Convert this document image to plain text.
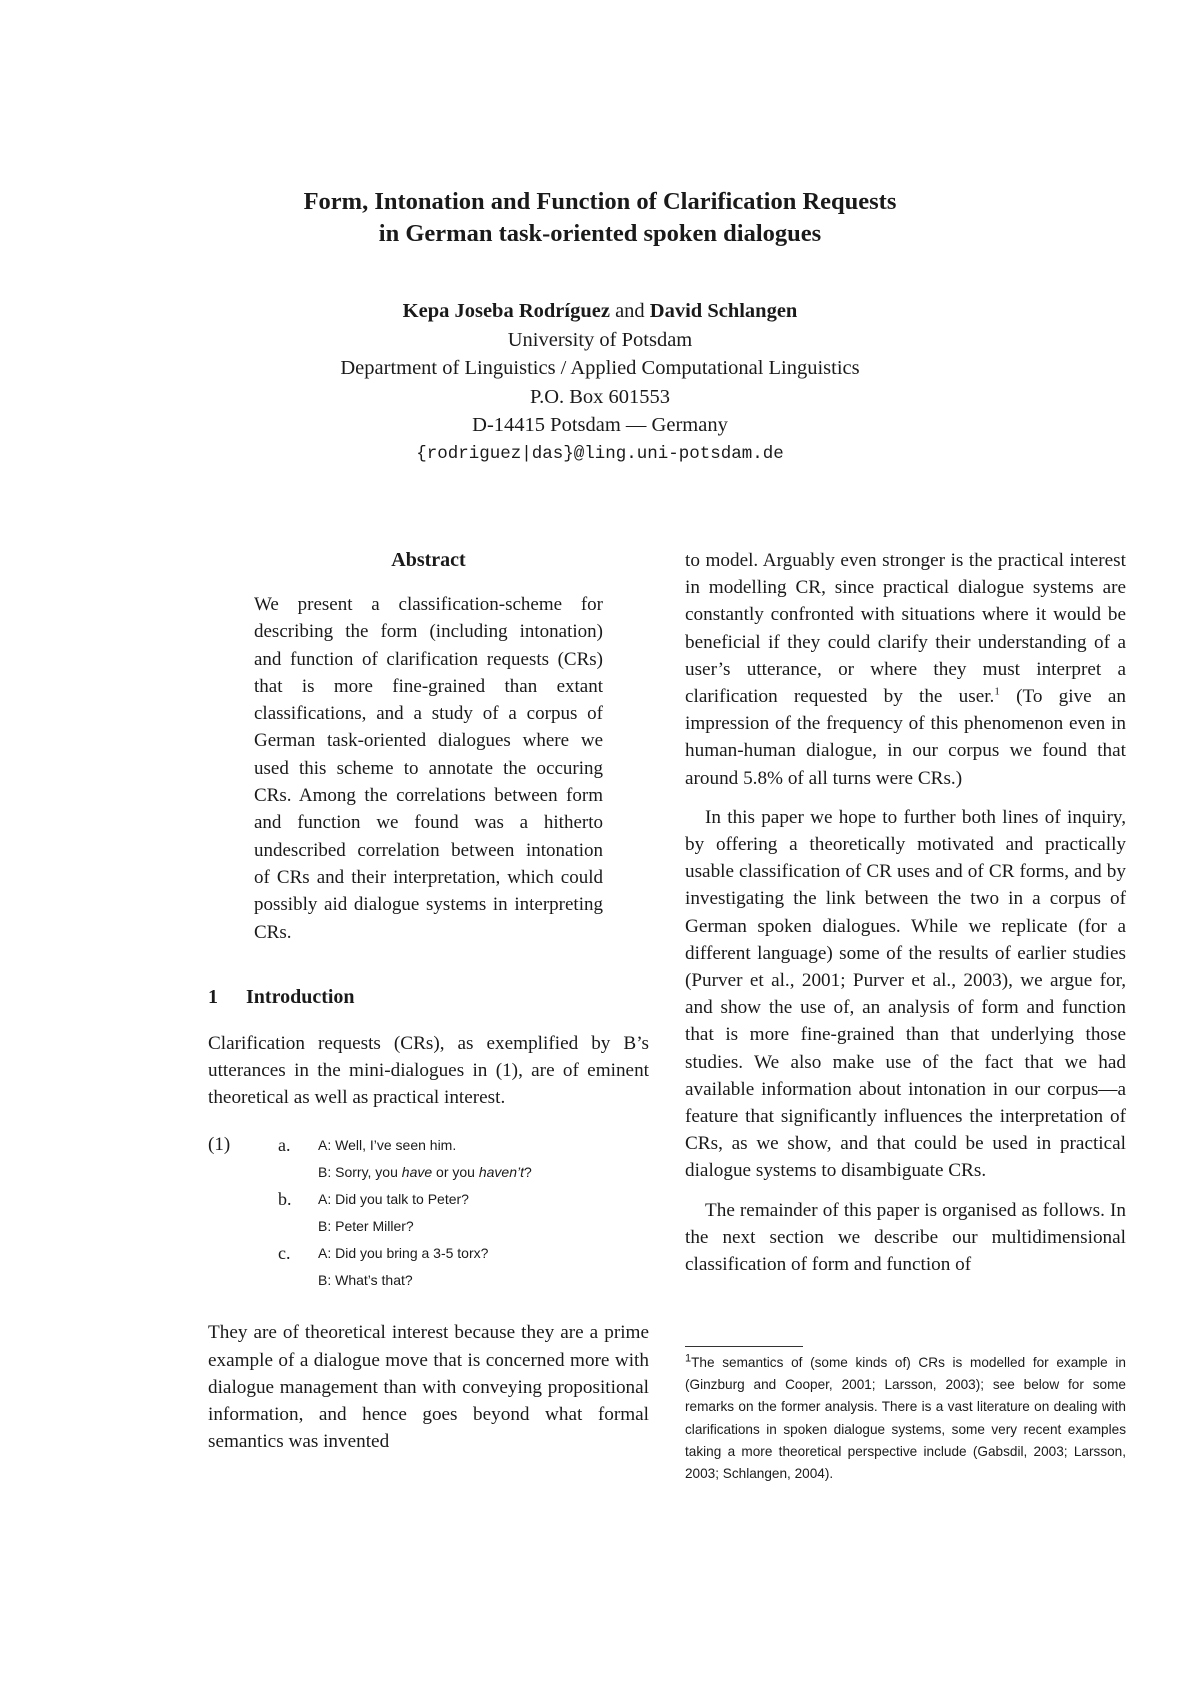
Form, Intonation and Function of Clarification Requests
in German task-oriented spoken dialogues
Kepa Joseba Rodríguez and David Schlangen
University of Potsdam
Department of Linguistics / Applied Computational Linguistics
P.O. Box 601553
D-14415 Potsdam — Germany
{rodriguez|das}@ling.uni-potsdam.de
Abstract

We present a classification-scheme for describing the form (including intonation) and function of clarification requests (CRs) that is more fine-grained than extant classifications, and a study of a corpus of German task-oriented dialogues where we used this scheme to annotate the occuring CRs. Among the correlations between form and function we found was a hitherto undescribed correlation between intonation of CRs and their interpretation, which could possibly aid dialogue systems in interpreting CRs.

1 Introduction

Clarification requests (CRs), as exemplified by B’s utterances in the mini-dialogues in (1), are of eminent theoretical as well as practical interest.

(1)	a. A: Well, I’ve seen him.
B: Sorry, you have or you haven’t?
b. A: Did you talk to Peter?
B: Peter Miller?
c. A: Did you bring a 3-5 torx?
B: What’s that?

They are of theoretical interest because they are a prime example of a dialogue move that is concerned more with dialogue management than with conveying propositional information, and hence goes beyond what formal semantics was invented

to model. Arguably even stronger is the practical interest in modelling CR, since practical dialogue systems are constantly confronted with situations where it would be beneficial if they could clarify their understanding of a user’s utterance, or where they must interpret a clarification requested by the user.$^1$ (To give an impression of the frequency of this phenomenon even in human-human dialogue, in our corpus we found that around 5.8% of all turns were CRs.)

In this paper we hope to further both lines of inquiry, by offering a theoretically motivated and practically usable classification of CR uses and of CR forms, and by investigating the link between the two in a corpus of German spoken dialogues. While we replicate (for a different language) some of the results of earlier studies (Purver et al., 2001; Purver et al., 2003), we argue for, and show the use of, an analysis of form and function that is more fine-grained than that underlying those studies. We also make use of the fact that we had available information about intonation in our corpus—a feature that significantly influences the interpretation of CRs, as we show, and that could be used in practical dialogue systems to disambiguate CRs.

The remainder of this paper is organised as follows. In the next section we describe our multidimensional classification of form and function of

$^1$The semantics of (some kinds of) CRs is modelled for example in (Ginzburg and Cooper, 2001; Larsson, 2003); see below for some remarks on the former analysis. There is a vast literature on dealing with clarifications in spoken dialogue systems, some very recent examples taking a more theoretical perspective include (Gabsdil, 2003; Larsson, 2003; Schlangen, 2004).
